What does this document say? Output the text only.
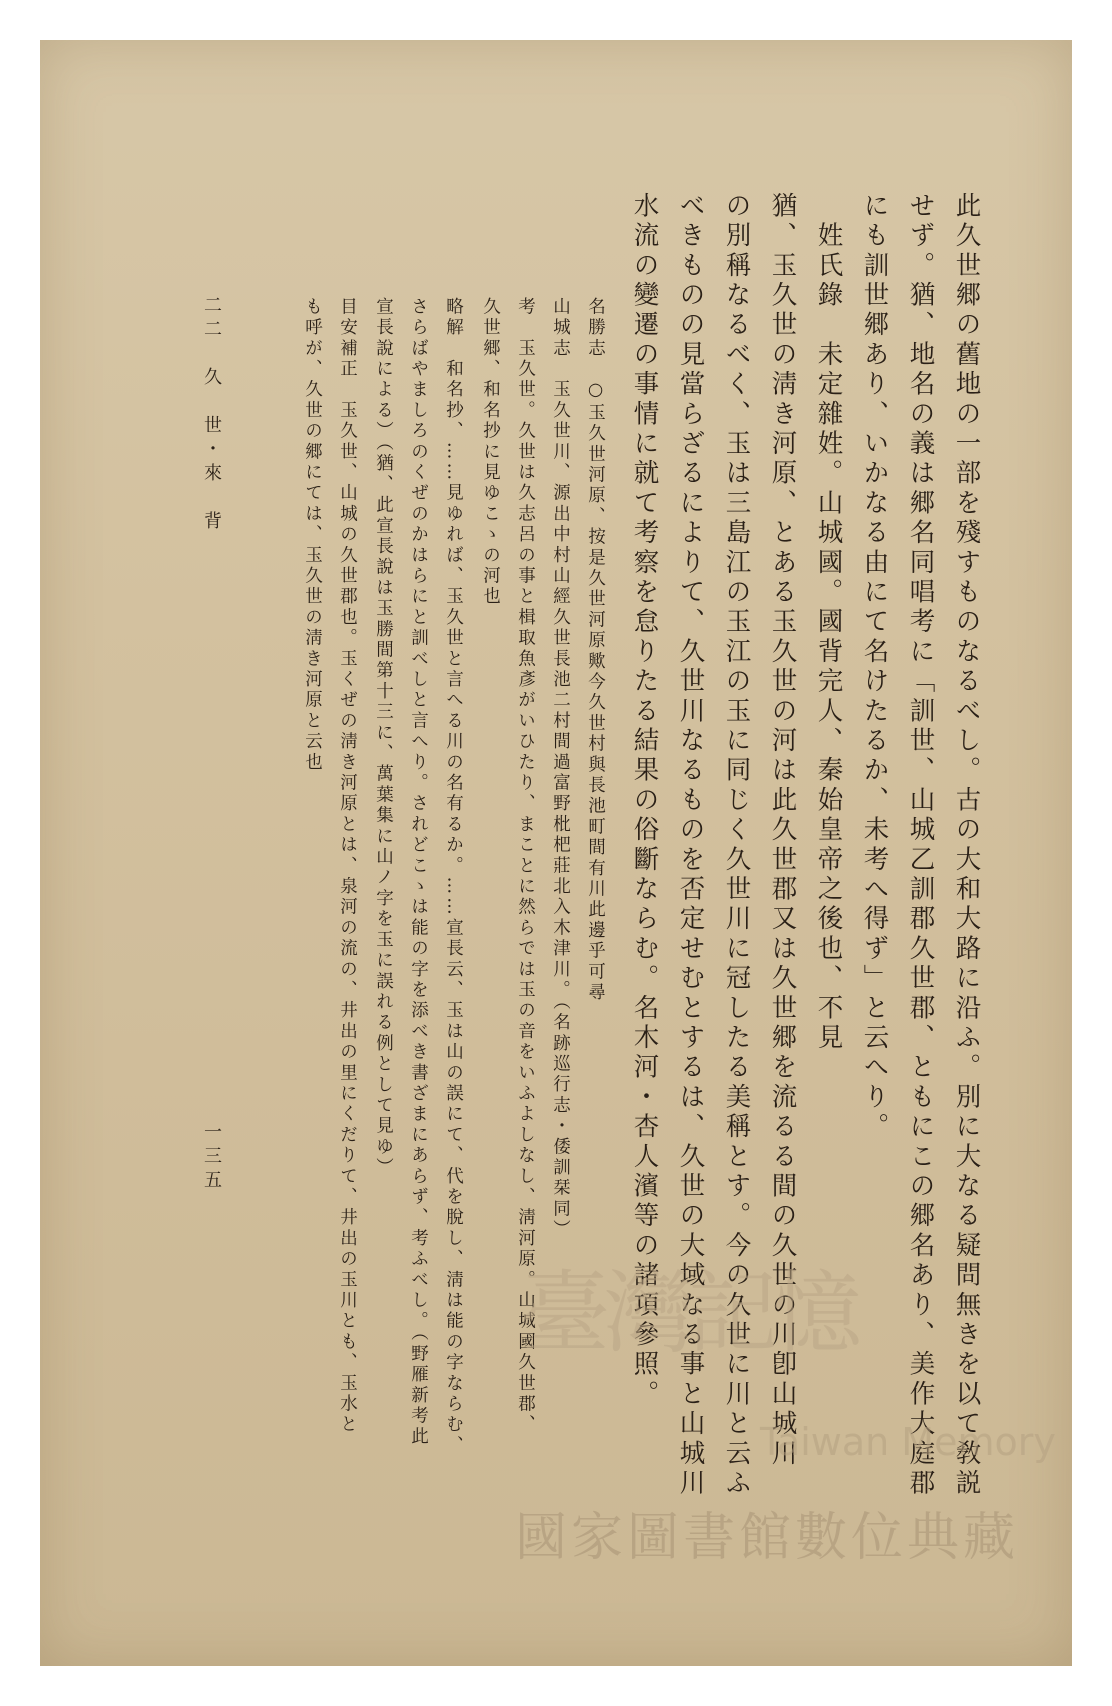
此久世郷の舊地の一部を殘すものなるべし。古の大和大路に沿ふ。別に大なる疑問無きを以て敎説
せず。猶、地名の義は郷名同唱考に「訓世、山城乙訓郡久世郡、ともにこの郷名あり、美作大庭郡
にも訓世郷あり、いかなる由にて名けたるか、未考へ得ず」と云へり。
　姓氏錄　未定雜姓。山城國。國背完人、秦始皇帝之後也、不見
猶、玉久世の淸き河原、とある玉久世の河は此久世郡又は久世郷を流るる間の久世の川卽山城川
の別稱なるべく、玉は三島江の玉江の玉に同じく久世川に冠したる美稱とす。今の久世に川と云ふ
べきものの見當らざるによりて、久世川なるものを否定せむとするは、久世の大域なる事と山城川
水流の變遷の事情に就て考察を怠りたる結果の俗斷ならむ。名木河・杏人濱等の諸項參照。
名勝志　○玉久世河原、按是久世河原歟今久世村與長池町間有川此邊乎可尋
山城志　玉久世川、源出中村山經久世長池二村間過富野枇杷莊北入木津川。（名跡巡行志・倭訓栞同）
考　玉久世。久世は久志呂の事と楫取魚彥がいひたり、まことに然らでは玉の音をいふよしなし、淸河原。山城國久世郡、
久世郷、和名抄に見ゆこゝの河也
略解　和名抄、……見ゆれば、玉久世と言へる川の名有るか。……宣長云、玉は山の誤にて、代を脫し、淸は能の字ならむ、
さらばやましろのくぜのかはらにと訓べしと言へり。されどこゝは能の字を添べき書ざまにあらず、考ふべし。（野雁新考此
宣長說による）（猶、此宣長說は玉勝間第十三に、萬葉集に山ノ字を玉に誤れる例として見ゆ）
目安補正　玉久世、山城の久世郡也。玉くぜの淸き河原とは、泉河の流の、井出の里にくだりて、井出の玉川とも、玉水と
も呼が、久世の郷にては、玉久世の淸き河原と云也
二二　久　世・來　背
一三五
臺灣記憶
Taiwan Memory
國家圖書館數位典藏
